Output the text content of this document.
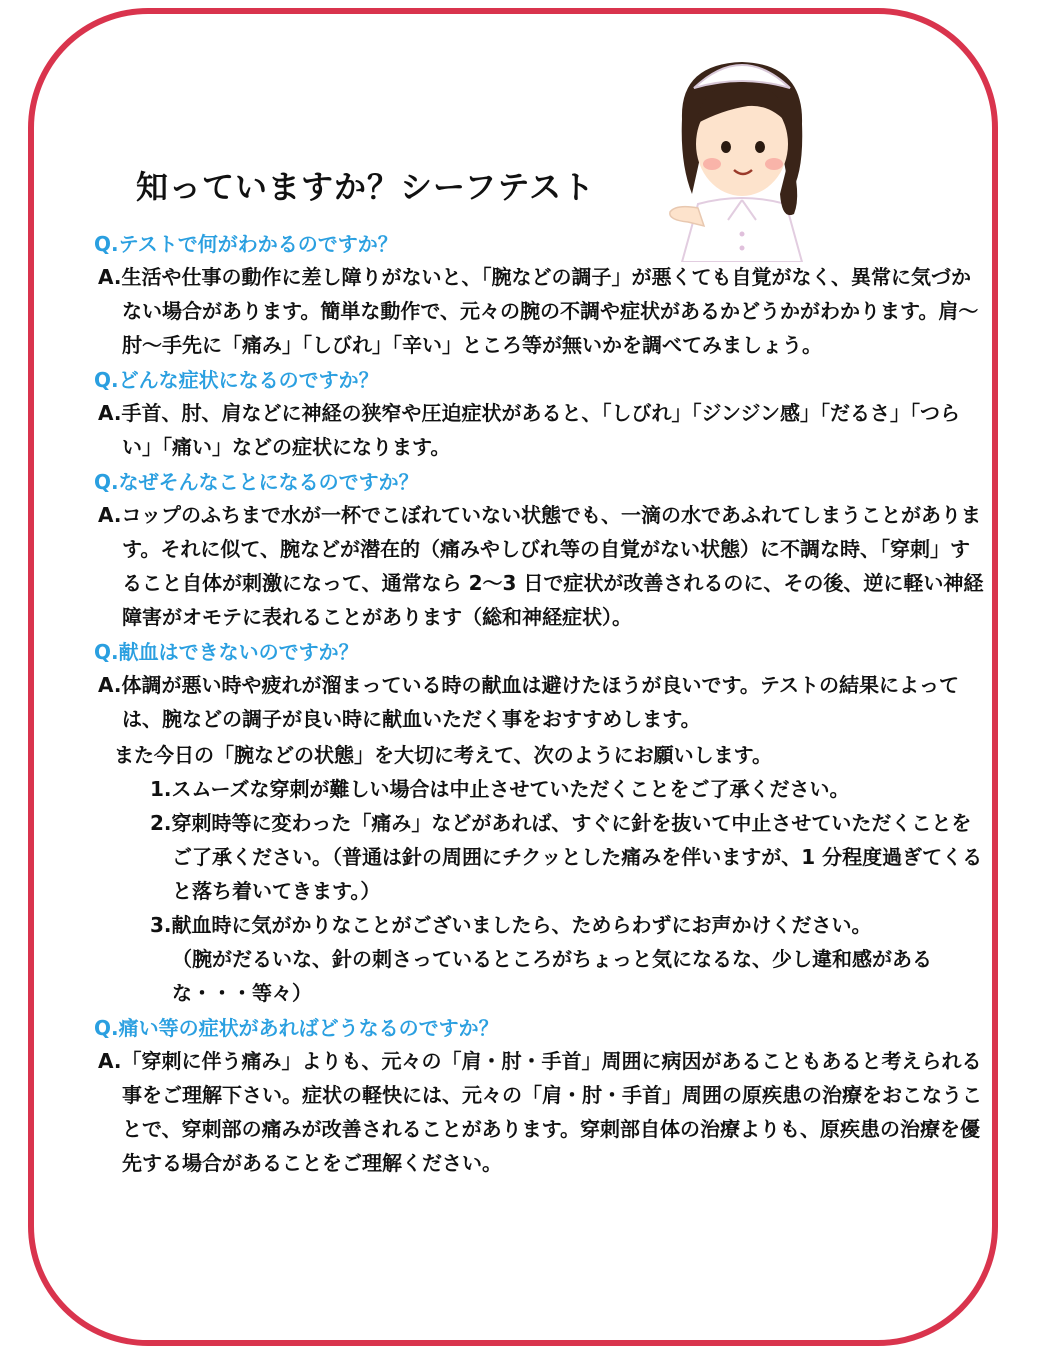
知っていますか？シーフテスト
Q.テストで何がわかるのですか？
A.生活や仕事の動作に差し障りがないと、「腕などの調子」が悪くても自覚がなく、異常に気づかない場合があります。簡単な動作で、元々の腕の不調や症状があるかどうかがわかります。肩〜肘〜手先に「痛み」「しびれ」「辛い」ところ等が無いかを調べてみましょう。
Q.どんな症状になるのですか？
A.手首、肘、肩などに神経の狭窄や圧迫症状があると、「しびれ」「ジンジン感」「だるさ」「つらい」「痛い」などの症状になります。
Q.なぜそんなことになるのですか？
A.コップのふちまで水が一杯でこぼれていない状態でも、一滴の水であふれてしまうことがあります。それに似て、腕などが潜在的（痛みやしびれ等の自覚がない状態）に不調な時、「穿刺」すること自体が刺激になって、通常なら 2〜3 日で症状が改善されるのに、その後、逆に軽い神経障害がオモテに表れることがあります（総和神経症状）。
Q.献血はできないのですか？
A.体調が悪い時や疲れが溜まっている時の献血は避けたほうが良いです。テストの結果によっては、腕などの調子が良い時に献血いただく事をおすすめします。
また今日の「腕などの状態」を大切に考えて、次のようにお願いします。
1.スムーズな穿刺が難しい場合は中止させていただくことをご了承ください。
2.穿刺時等に変わった「痛み」などがあれば、すぐに針を抜いて中止させていただくことをご了承ください。（普通は針の周囲にチクッとした痛みを伴いますが、1 分程度過ぎてくると落ち着いてきます。）
3.献血時に気がかりなことがございましたら、ためらわずにお声かけください。
（腕がだるいな、針の刺さっているところがちょっと気になるな、少し違和感があるな・・・等々）
Q.痛い等の症状があればどうなるのですか？
A.「穿刺に伴う痛み」よりも、元々の「肩・肘・手首」周囲に病因があることもあると考えられる事をご理解下さい。症状の軽快には、元々の「肩・肘・手首」周囲の原疾患の治療をおこなうことで、穿刺部の痛みが改善されることがあります。穿刺部自体の治療よりも、原疾患の治療を優先する場合があることをご理解ください。
